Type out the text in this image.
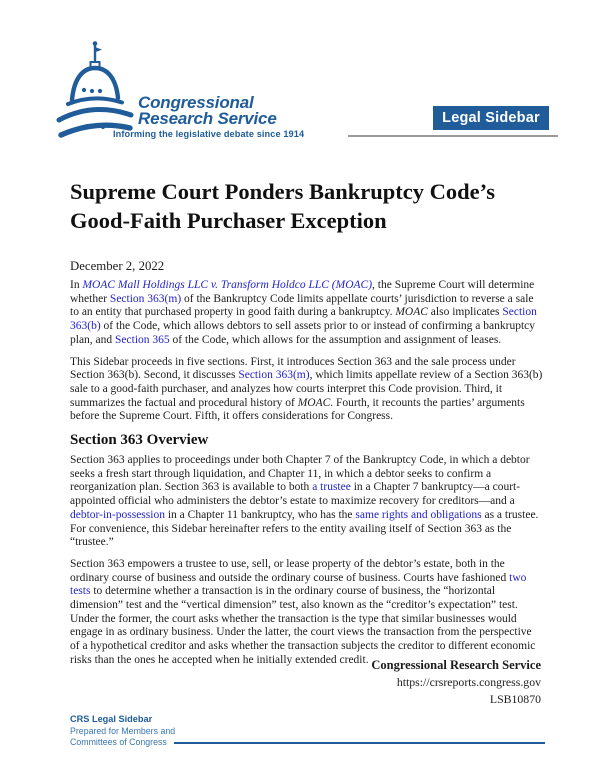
Congressional
Research Service
Informing the legislative debate since 1914
Legal Sidebar
Supreme Court Ponders Bankruptcy Code’s Good-Faith Purchaser Exception

December 2, 2022

In MOAC Mall Holdings LLC v. Transform Holdco LLC (MOAC), the Supreme Court will determine whether Section 363(m) of the Bankruptcy Code limits appellate courts’ jurisdiction to reverse a sale to an entity that purchased property in good faith during a bankruptcy. MOAC also implicates Section 363(b) of the Code, which allows debtors to sell assets prior to or instead of confirming a bankruptcy plan, and Section 365 of the Code, which allows for the assumption and assignment of leases.

This Sidebar proceeds in five sections. First, it introduces Section 363 and the sale process under Section 363(b). Second, it discusses Section 363(m), which limits appellate review of a Section 363(b) sale to a good-faith purchaser, and analyzes how courts interpret this Code provision. Third, it summarizes the factual and procedural history of MOAC. Fourth, it recounts the parties’ arguments before the Supreme Court. Fifth, it offers considerations for Congress.

Section 363 Overview

Section 363 applies to proceedings under both Chapter 7 of the Bankruptcy Code, in which a debtor seeks a fresh start through liquidation, and Chapter 11, in which a debtor seeks to confirm a reorganization plan. Section 363 is available to both a trustee in a Chapter 7 bankruptcy—a court-appointed official who administers the debtor’s estate to maximize recovery for creditors—and a debtor-in-possession in a Chapter 11 bankruptcy, who has the same rights and obligations as a trustee. For convenience, this Sidebar hereinafter refers to the entity availing itself of Section 363 as the “trustee.”

Section 363 empowers a trustee to use, sell, or lease property of the debtor’s estate, both in the ordinary course of business and outside the ordinary course of business. Courts have fashioned two tests to determine whether a transaction is in the ordinary course of business, the “horizontal dimension” test and the “vertical dimension” test, also known as the “creditor’s expectation” test. Under the former, the court asks whether the transaction is the type that similar businesses would engage in as ordinary business. Under the latter, the court views the transaction from the perspective of a hypothetical creditor and asks whether the transaction subjects the creditor to different economic risks than the ones he accepted when he initially extended credit. Congressional Research Service
https://crsreports.congress.gov
LSB10870
CRS Legal Sidebar
Prepared for Members and
Committees of Congress
